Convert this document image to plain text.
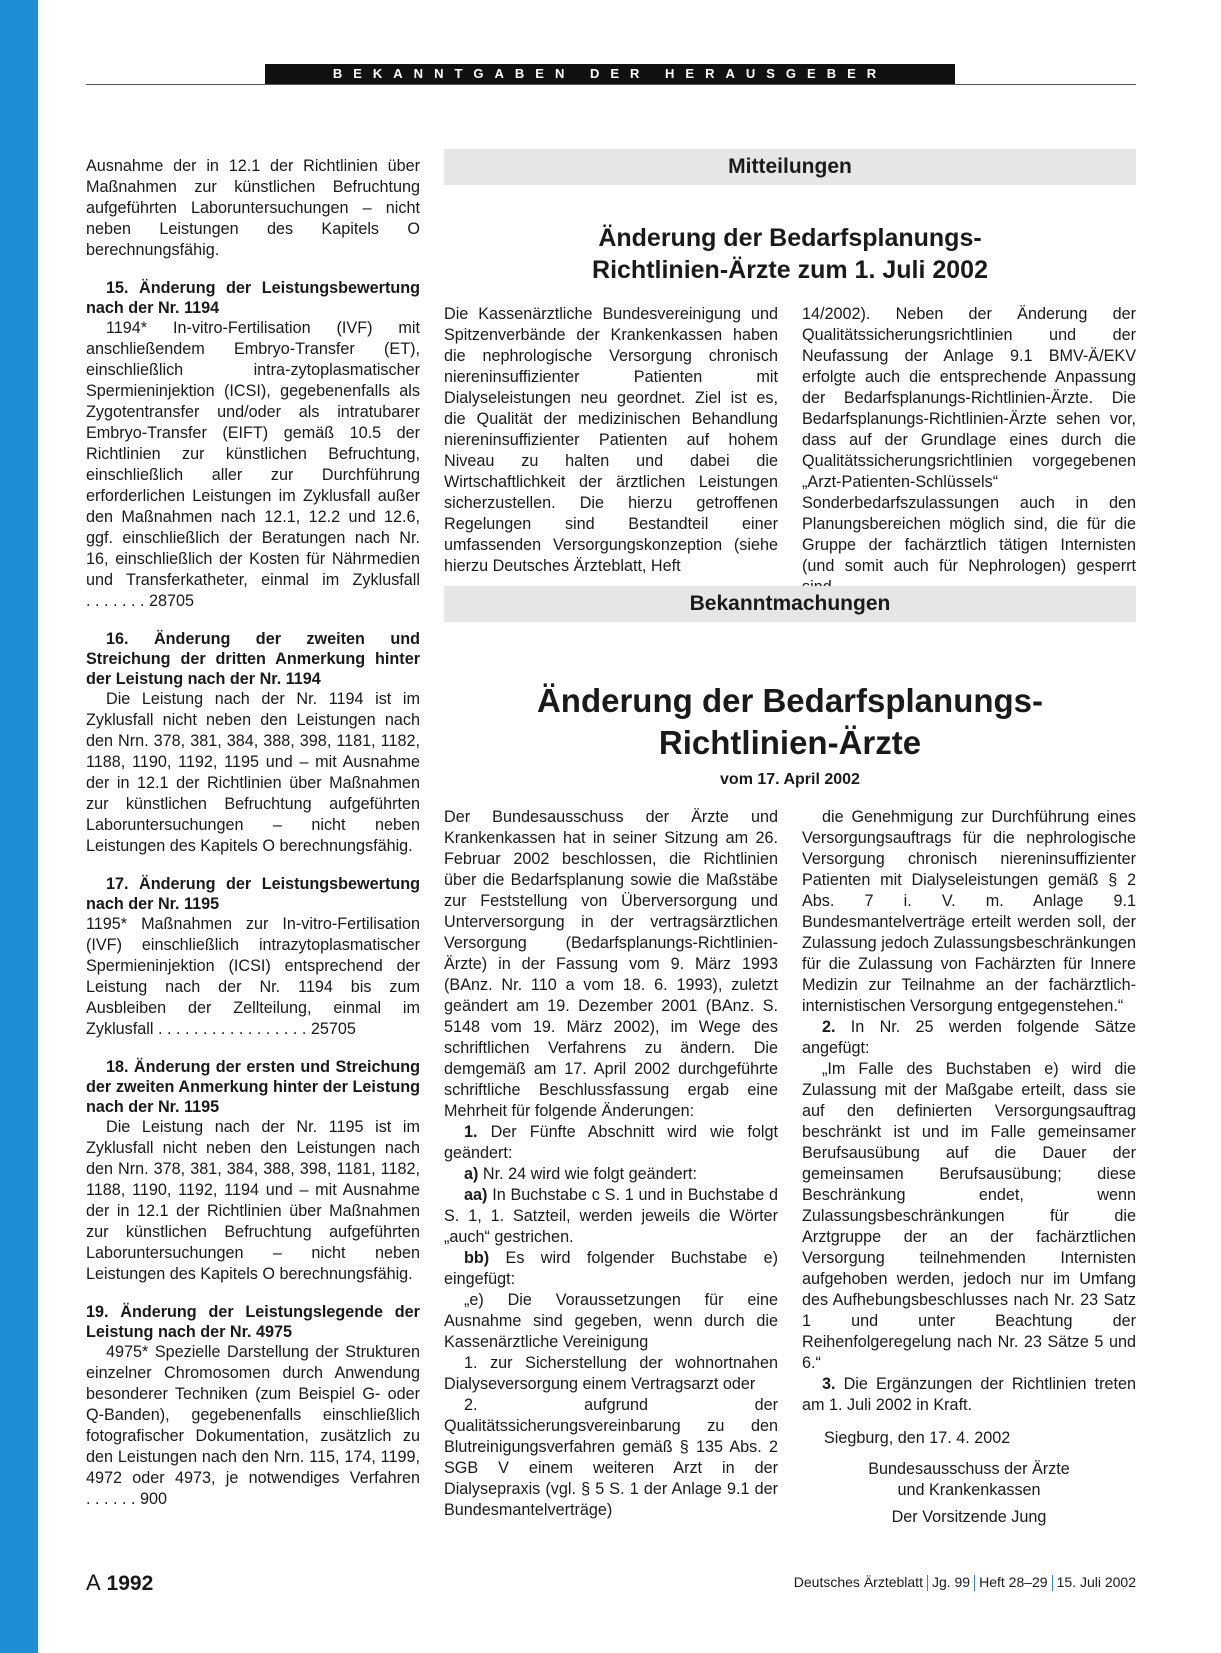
BEKANNTGABEN DER HERAUSGEBER

Ausnahme der in 12.1 der Richtlinien über Maßnahmen zur künstlichen Befruchtung aufgeführten Laboruntersuchungen – nicht neben Leistungen des Kapitels O berechnungsfähig.

15. Änderung der Leistungsbewertung nach der Nr. 1194

1194* In-vitro-Fertilisation (IVF) mit anschließendem Embryo-Transfer (ET), einschließlich intra-zytoplasmatischer Spermieninjektion (ICSI), gegebenenfalls als Zygotentransfer und/oder als intratubarer Embryo-Transfer (EIFT) gemäß 10.5 der Richtlinien zur künstlichen Befruchtung, einschließlich aller zur Durchführung erforderlichen Leistungen im Zyklusfall außer den Maßnahmen nach 12.1, 12.2 und 12.6, ggf. einschließlich der Beratungen nach Nr. 16, einschließlich der Kosten für Nährmedien und Transferkatheter, einmal im Zyklusfall . . . . . . . 28705

16. Änderung der zweiten und Streichung der dritten Anmerkung hinter der Leistung nach der Nr. 1194

Die Leistung nach der Nr. 1194 ist im Zyklusfall nicht neben den Leistungen nach den Nrn. 378, 381, 384, 388, 398, 1181, 1182, 1188, 1190, 1192, 1195 und – mit Ausnahme der in 12.1 der Richtlinien über Maßnahmen zur künstlichen Befruchtung aufgeführten Laboruntersuchungen – nicht neben Leistungen des Kapitels O berechnungsfähig.

17. Änderung der Leistungsbewertung nach der Nr. 1195

1195* Maßnahmen zur In-vitro-Fertilisation (IVF) einschließlich intrazytoplasmatischer Spermieninjektion (ICSI) entsprechend der Leistung nach der Nr. 1194 bis zum Ausbleiben der Zellteilung, einmal im Zyklusfall . . . . . . . . . . . . . . . . . 25705

18. Änderung der ersten und Streichung der zweiten Anmerkung hinter der Leistung nach der Nr. 1195

Die Leistung nach der Nr. 1195 ist im Zyklusfall nicht neben den Leistungen nach den Nrn. 378, 381, 384, 388, 398, 1181, 1182, 1188, 1190, 1192, 1194 und – mit Ausnahme der in 12.1 der Richtlinien über Maßnahmen zur künstlichen Befruchtung aufgeführten Laboruntersuchungen – nicht neben Leistungen des Kapitels O berechnungsfähig.

19. Änderung der Leistungslegende der Leistung nach der Nr. 4975

4975* Spezielle Darstellung der Strukturen einzelner Chromosomen durch Anwendung besonderer Techniken (zum Beispiel G- oder Q-Banden), gegebenenfalls einschließlich fotografischer Dokumentation, zusätzlich zu den Leistungen nach den Nrn. 115, 174, 1199, 4972 oder 4973, je notwendiges Verfahren . . . . . . 900

Mitteilungen
Änderung der Bedarfsplanungs-
Richtlinien-Ärzte zum 1. Juli 2002

Die Kassenärztliche Bundesvereinigung und Spitzenverbände der Krankenkassen haben die nephrologische Versorgung chronisch niereninsuffizienter Patienten mit Dialyseleistungen neu geordnet. Ziel ist es, die Qualität der medizinischen Behandlung niereninsuffizienter Patienten auf hohem Niveau zu halten und dabei die Wirtschaftlichkeit der ärztlichen Leistungen sicherzustellen. Die hierzu getroffenen Regelungen sind Bestandteil einer umfassenden Versorgungskonzeption (siehe hierzu Deutsches Ärzteblatt, Heft

14/2002). Neben der Änderung der Qualitätssicherungsrichtlinien und der Neufassung der Anlage 9.1 BMV-Ä/EKV erfolgte auch die entsprechende Anpassung der Bedarfsplanungs-Richtlinien-Ärzte. Die Bedarfsplanungs-Richtlinien-Ärzte sehen vor, dass auf der Grundlage eines durch die Qualitätssicherungsrichtlinien vorgegebenen „Arzt-Patienten-Schlüssels“ Sonderbedarfszulassungen auch in den Planungsbereichen möglich sind, die für die Gruppe der fachärztlich tätigen Internisten (und somit auch für Nephrologen) gesperrt

Bekanntmachungen
Änderung der Bedarfsplanungs-
Richtlinien-Ärzte
vom 17. April 2002

Der Bundesausschuss der Ärzte und Krankenkassen hat in seiner Sitzung am 26. Februar 2002 beschlossen, die Richtlinien über die Bedarfsplanung sowie die Maßstäbe zur Feststellung von Überversorgung und Unterversorgung in der vertragsärztlichen Versorgung (Bedarfsplanungs-Richtlinien-Ärzte) in der Fassung vom 9. März 1993 (BAnz. Nr. 110 a vom 18. 6. 1993), zuletzt geändert am 19. Dezember 2001 (BAnz. S. 5148 vom 19. März 2002), im Wege des schriftlichen Verfahrens zu ändern. Die demgemäß am 17. April 2002 durchgeführte schriftliche Beschlussfassung ergab eine Mehrheit für folgende Änderungen:

1. Der Fünfte Abschnitt wird wie folgt geändert:

a) Nr. 24 wird wie folgt geändert:

aa) In Buchstabe c S. 1 und in Buchstabe d S. 1, 1. Satzteil, werden jeweils die Wörter „auch“ gestrichen.

bb) Es wird folgender Buchstabe e) eingefügt:

„e) Die Voraussetzungen für eine Ausnahme sind gegeben, wenn durch die Kassenärztliche Vereinigung

1. zur Sicherstellung der wohnortnahen Dialyseversorgung einem Vertragsarzt oder

2. aufgrund der Qualitätssicherungsvereinbarung zu den Blutreinigungsverfahren gemäß § 135 Abs. 2 SGB V einem weiteren Arzt in der Dialysepraxis (vgl. § 5 S. 1 der Anlage 9.1 der Bundesmantelverträge)

die Genehmigung zur Durchführung eines Versorgungsauftrags für die nephrologische Versorgung chronisch niereninsuffizienter Patienten mit Dialyseleistungen gemäß § 2 Abs. 7 i. V. m. Anlage 9.1 Bundesmantelverträge erteilt werden soll, der Zulassung jedoch Zulassungsbeschränkungen für die Zulassung von Fachärzten für Innere Medizin zur Teilnahme an der fachärztlich-internistischen Versorgung entgegenstehen.“

2. In Nr. 25 werden folgende Sätze angefügt:

„Im Falle des Buchstaben e) wird die Zulassung mit der Maßgabe erteilt, dass sie auf den definierten Versorgungsauftrag beschränkt ist und im Falle gemeinsamer Berufsausübung auf die Dauer der gemeinsamen Berufsausübung; diese Beschränkung endet, wenn Zulassungsbeschränkungen für die Arztgruppe der an der fachärztlichen Versorgung teilnehmenden Internisten aufgehoben werden, jedoch nur im Umfang des Aufhebungsbeschlusses nach Nr. 23 Satz 1 und unter Beachtung der Reihenfolgeregelung nach Nr. 23 Sätze 5 und 6.“

3. Die Ergänzungen der Richtlinien treten am 1. Juli 2002 in Kraft.

Siegburg, den 17. 4. 2002

Bundesausschuss der Ärzte

und Krankenkassen

Der Vorsitzende Jung

A 1992	Deutsches Ärzteblatt Jg. 99 Heft 28–29 15. Juli 2002
